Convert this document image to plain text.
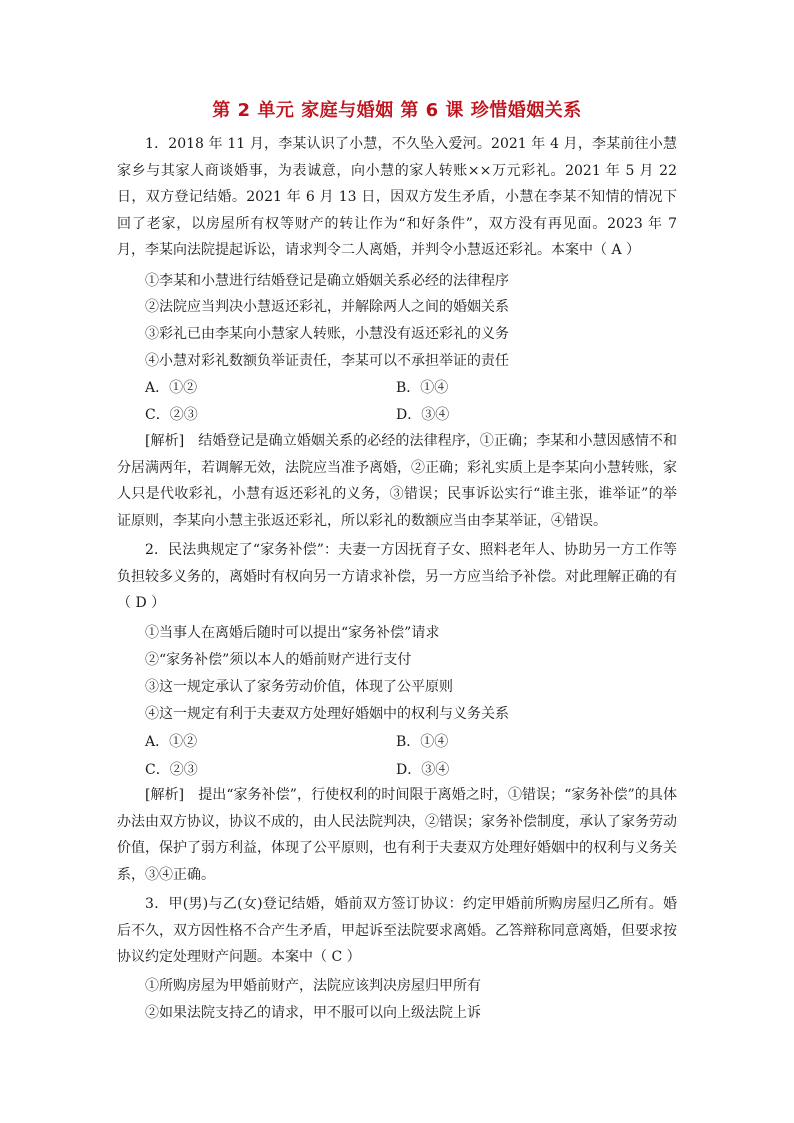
第 2 单元 家庭与婚姻 第 6 课 珍惜婚姻关系
1．2018 年 11 月，李某认识了小慧，不久坠入爱河。2021 年 4 月，李某前往小慧家乡与其家人商谈婚事，为表诚意，向小慧的家人转账××万元彩礼。2021 年 5 月 22 日，双方登记结婚。2021 年 6 月 13 日，因双方发生矛盾，小慧在李某不知情的情况下回了老家，以房屋所有权等财产的转让作为“和好条件”，双方没有再见面。2023 年 7 月，李某向法院提起诉讼，请求判令二人离婚，并判令小慧返还彩礼。本案中（ A ）
①李某和小慧进行结婚登记是确立婚姻关系必经的法律程序
②法院应当判决小慧返还彩礼，并解除两人之间的婚姻关系
③彩礼已由李某向小慧家人转账，小慧没有返还彩礼的义务
④小慧对彩礼数额负举证责任，李某可以不承担举证的责任
A．①②	B．①④
C．②③	D．③④
[解析] 结婚登记是确立婚姻关系的必经的法律程序，①正确；李某和小慧因感情不和分居满两年，若调解无效，法院应当准予离婚，②正确；彩礼实质上是李某向小慧转账，家人只是代收彩礼，小慧有返还彩礼的义务，③错误；民事诉讼实行“谁主张，谁举证”的举证原则，李某向小慧主张返还彩礼，所以彩礼的数额应当由李某举证，④错误。
2．民法典规定了“家务补偿”：夫妻一方因抚育子女、照料老年人、协助另一方工作等负担较多义务的，离婚时有权向另一方请求补偿，另一方应当给予补偿。对此理解正确的有（ D ）
①当事人在离婚后随时可以提出“家务补偿”请求
②“家务补偿”须以本人的婚前财产进行支付
③这一规定承认了家务劳动价值，体现了公平原则
④这一规定有利于夫妻双方处理好婚姻中的权利与义务关系
A．①②	B．①④
C．②③	D．③④
[解析] 提出“家务补偿”，行使权利的时间限于离婚之时，①错误；“家务补偿”的具体办法由双方协议，协议不成的，由人民法院判决，②错误；家务补偿制度，承认了家务劳动价值，保护了弱方利益，体现了公平原则，也有利于夫妻双方处理好婚姻中的权利与义务关系，③④正确。
3．甲(男)与乙(女)登记结婚，婚前双方签订协议：约定甲婚前所购房屋归乙所有。婚后不久，双方因性格不合产生矛盾，甲起诉至法院要求离婚。乙答辩称同意离婚，但要求按协议约定处理财产问题。本案中（ C ）
①所购房屋为甲婚前财产，法院应该判决房屋归甲所有
②如果法院支持乙的请求，甲不服可以向上级法院上诉
